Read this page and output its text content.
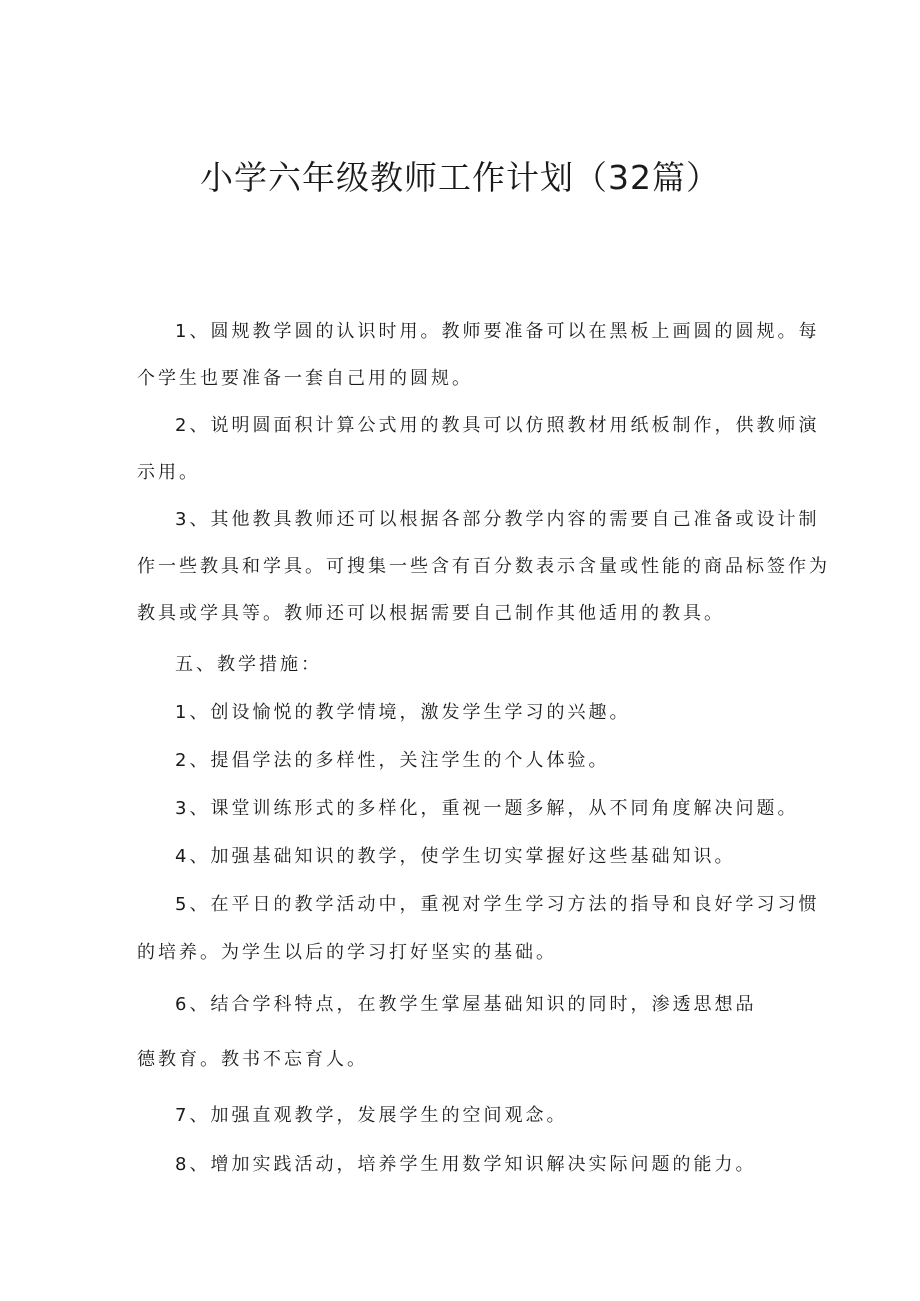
小学六年级教师工作计划（32篇）
1、圆规教学圆的认识时用。教师要准备可以在黑板上画圆的圆规。每
个学生也要准备一套自己用的圆规。
2、说明圆面积计算公式用的教具可以仿照教材用纸板制作，供教师演
示用。
3、其他教具教师还可以根据各部分教学内容的需要自己准备或设计制
作一些教具和学具。可搜集一些含有百分数表示含量或性能的商品标签作为
教具或学具等。教师还可以根据需要自己制作其他适用的教具。
五、教学措施：
1、创设愉悦的教学情境，激发学生学习的兴趣。
2、提倡学法的多样性，关注学生的个人体验。
3、课堂训练形式的多样化，重视一题多解，从不同角度解决问题。
4、加强基础知识的教学，使学生切实掌握好这些基础知识。
5、在平日的教学活动中，重视对学生学习方法的指导和良好学习习惯
的培养。为学生以后的学习打好坚实的基础。
6、结合学科特点，在教学生掌屋基础知识的同时，渗透思想品
德教育。教书不忘育人。
7、加强直观教学，发展学生的空间观念。
8、增加实践活动，培养学生用数学知识解决实际问题的能力。
